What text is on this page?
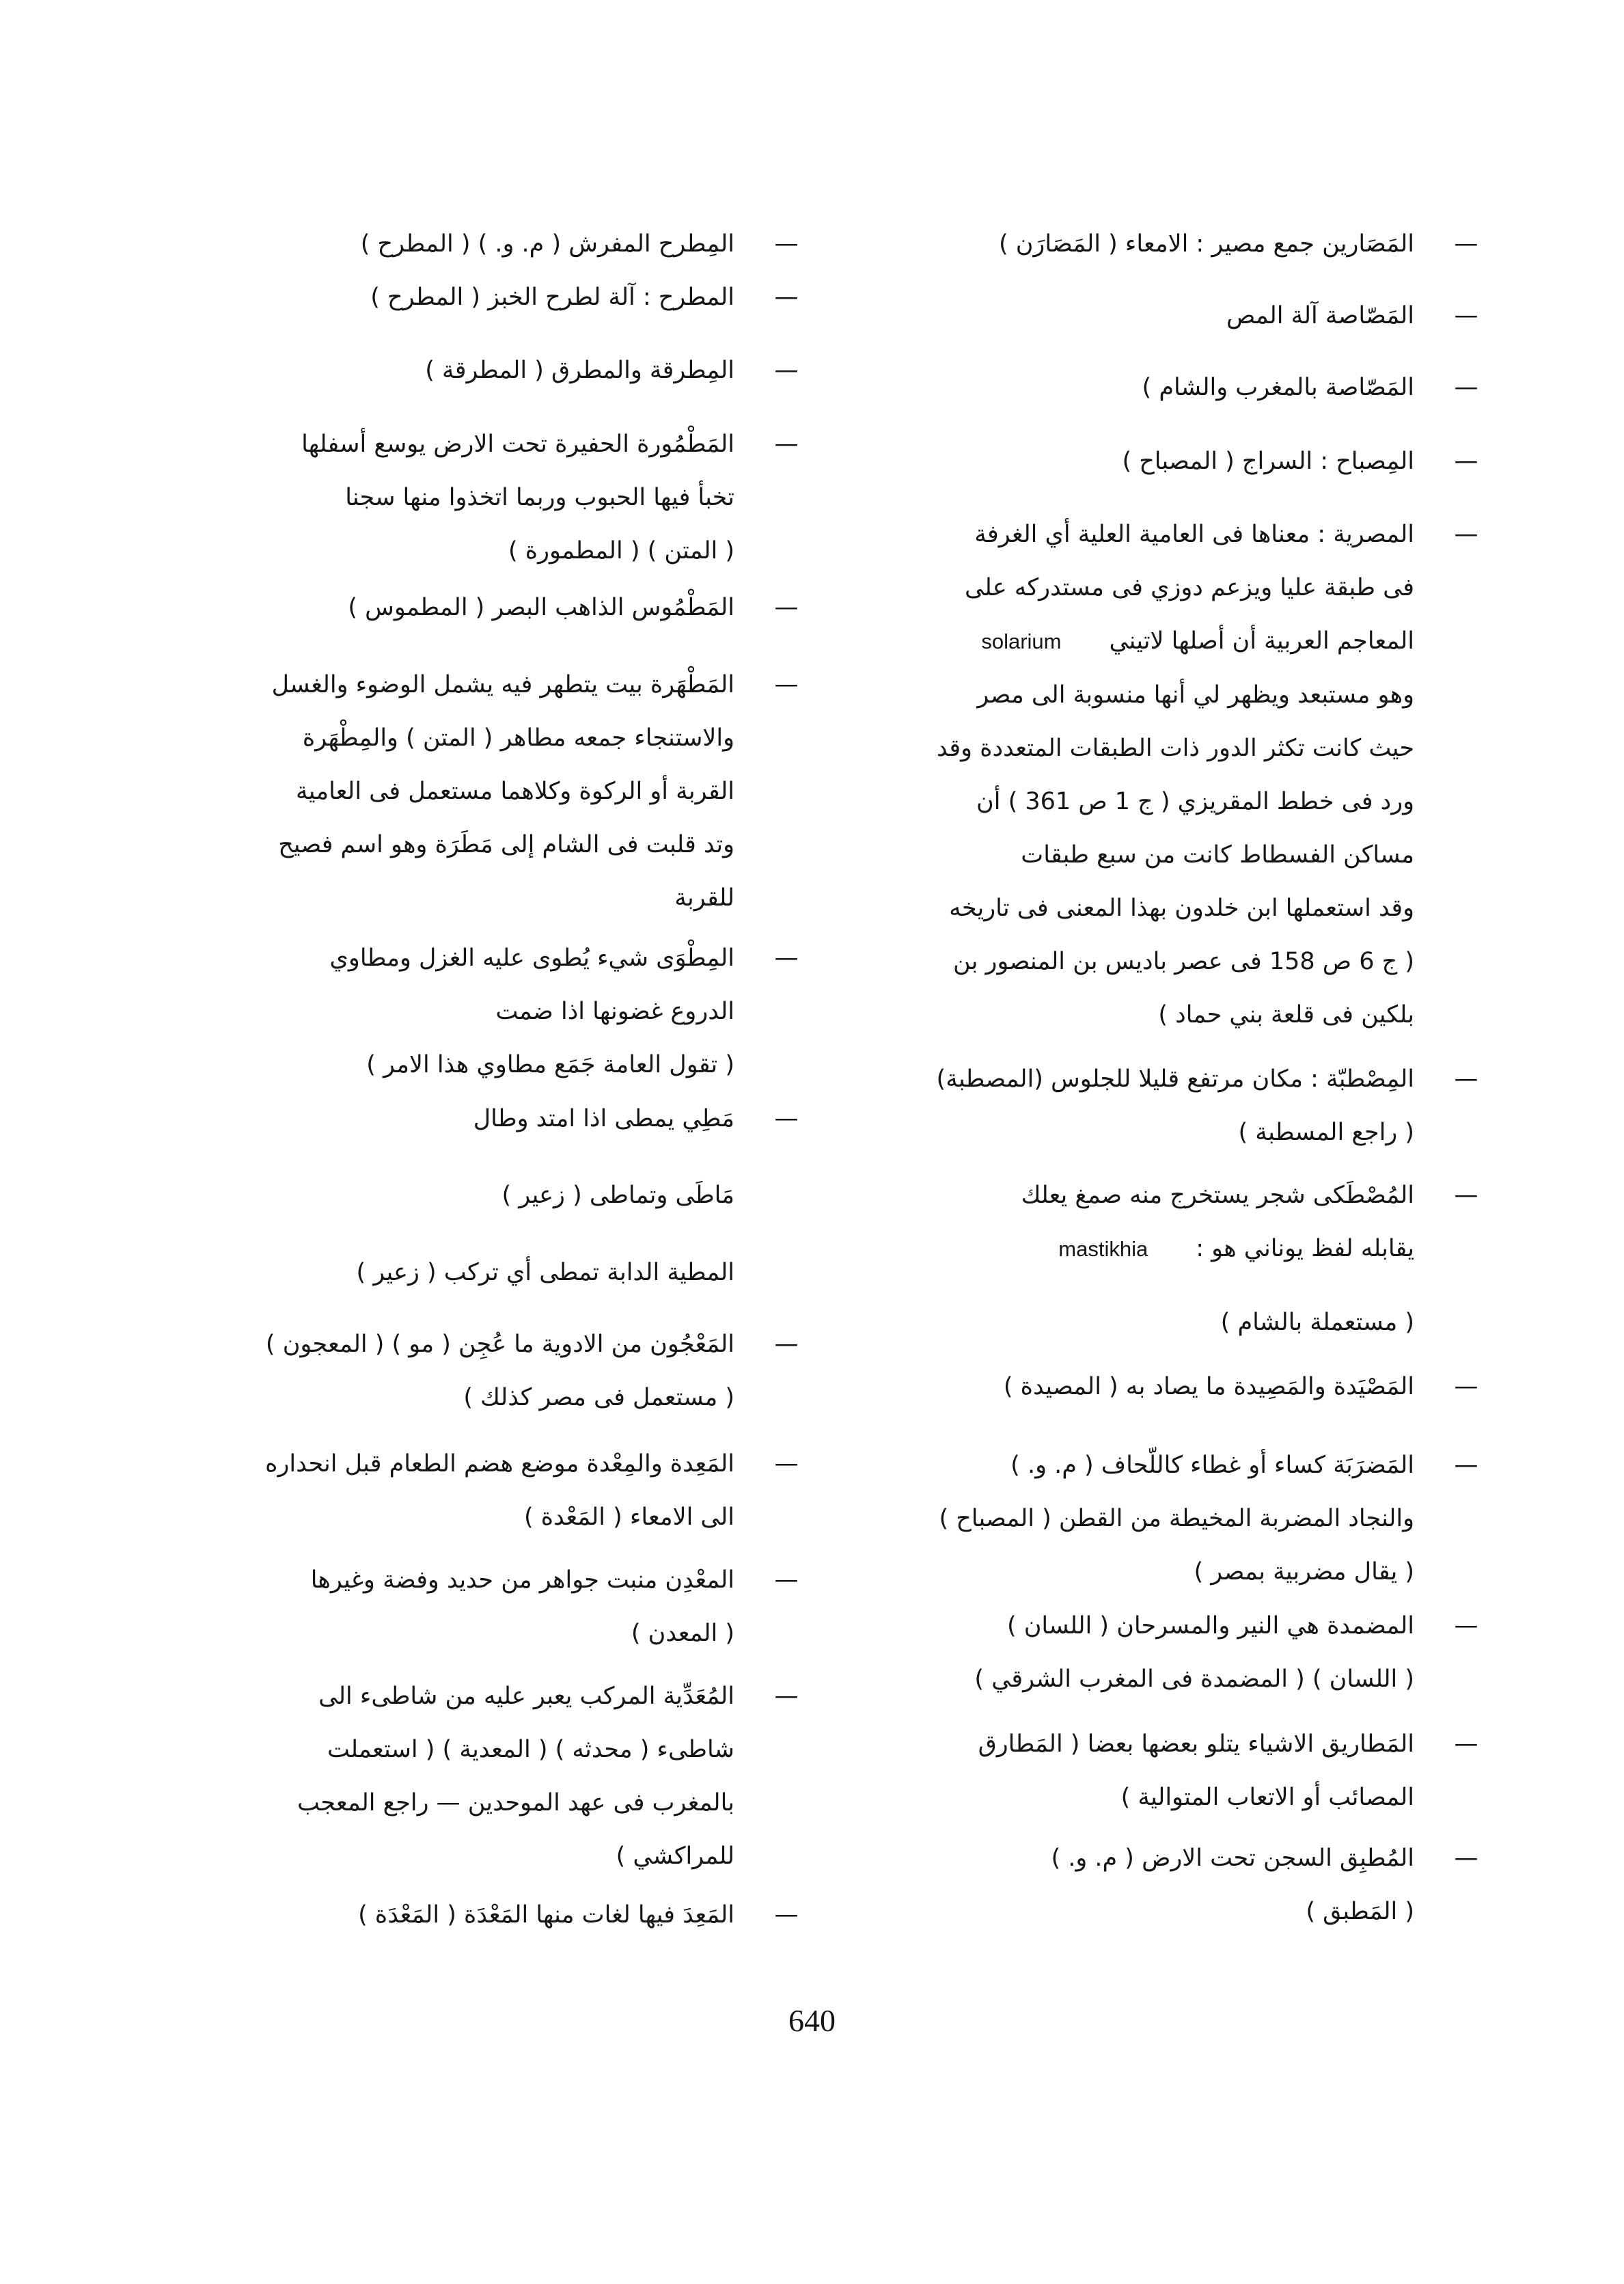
—
المَصَارين جمع مصير : الامعاء ( المَصَارَن )
—
المَصّاصة آلة المص
—
المَصّاصة بالمغرب والشام )
—
المِصباح : السراج ( المصباح )
—
المصرية : معناها فى العامية العلية أي الغرفة
فى طبقة عليا ويزعم دوزي فى مستدركه على
المعاجم العربية أن أصلها لاتينيsolarium
وهو مستبعد ويظهر لي أنها منسوبة الى مصر
حيث كانت تكثر الدور ذات الطبقات المتعددة وقد
ورد فى خطط المقريزي ( ج 1 ص 361 ) أن
مساكن الفسطاط كانت من سبع طبقات
وقد استعملها ابن خلدون بهذا المعنى فى تاريخه
( ج 6 ص 158 فى عصر باديس بن المنصور بن
بلكين فى قلعة بني حماد )
—
المِصْطبّة : مكان مرتفع قليلا للجلوس (المصطبة)
( راجع المسطبة )
—
المُصْطَكى شجر يستخرج منه صمغ يعلك
يقابله لفظ يوناني هو :mastikhia
( مستعملة بالشام )
—
المَصْيَدة والمَصِيدة ما يصاد به ( المصيدة )
—
المَضرَبَة كساء أو غطاء كاللّحاف ( م. و. )
والنجاد المضربة المخيطة من القطن ( المصباح )
( يقال مضربية بمصر )
—
المضمدة هي النير والمسرحان ( اللسان )
( اللسان ) ( المضمدة فى المغرب الشرقي )
—
المَطاريق الاشياء يتلو بعضها بعضا ( المَطارق
المصائب أو الاتعاب المتوالية )
—
المُطبِق السجن تحت الارض ( م. و. )
( المَطبق )
—
المِطرح المفرش ( م. و. ) ( المطرح )
—
المطرح : آلة لطرح الخبز ( المطرح )
—
المِطرقة والمطرق ( المطرقة )
—
المَطْمُورة الحفيرة تحت الارض يوسع أسفلها
تخبأ فيها الحبوب وربما اتخذوا منها سجنا
( المتن ) ( المطمورة )
—
المَطْمُوس الذاهب البصر ( المطموس )
—
المَطْهَرة بيت يتطهر فيه يشمل الوضوء والغسل
والاستنجاء جمعه مطاهر ( المتن ) والمِطْهَرة
القربة أو الركوة وكلاهما مستعمل فى العامية
وتد قلبت فى الشام إلى مَطَرَة وهو اسم فصيح
للقربة
—
المِطْوَى شيء يُطوى عليه الغزل ومطاوي
الدروع غضونها اذا ضمت
( تقول العامة جَمَع مطاوي هذا الامر )
—
مَطِي يمطى اذا امتد وطال
مَاطَى وتماطى ( زعير )
المطية الدابة تمطى أي تركب ( زعير )
—
المَعْجُون من الادوية ما عُجِن ( مو ) ( المعجون )
( مستعمل فى مصر كذلك )
—
المَعِدة والمِعْدة موضع هضم الطعام قبل انحداره
الى الامعاء ( المَعْدة )
—
المعْدِن منبت جواهر من حديد وفضة وغيرها
( المعدن )
—
المُعَدِّية المركب يعبر عليه من شاطىء الى
شاطىء ( محدثه ) ( المعدية ) ( استعملت
بالمغرب فى عهد الموحدين — راجع المعجب
للمراكشي )
—
المَعِدَ فيها لغات منها المَعْدَة ( المَعْدَة )
640
